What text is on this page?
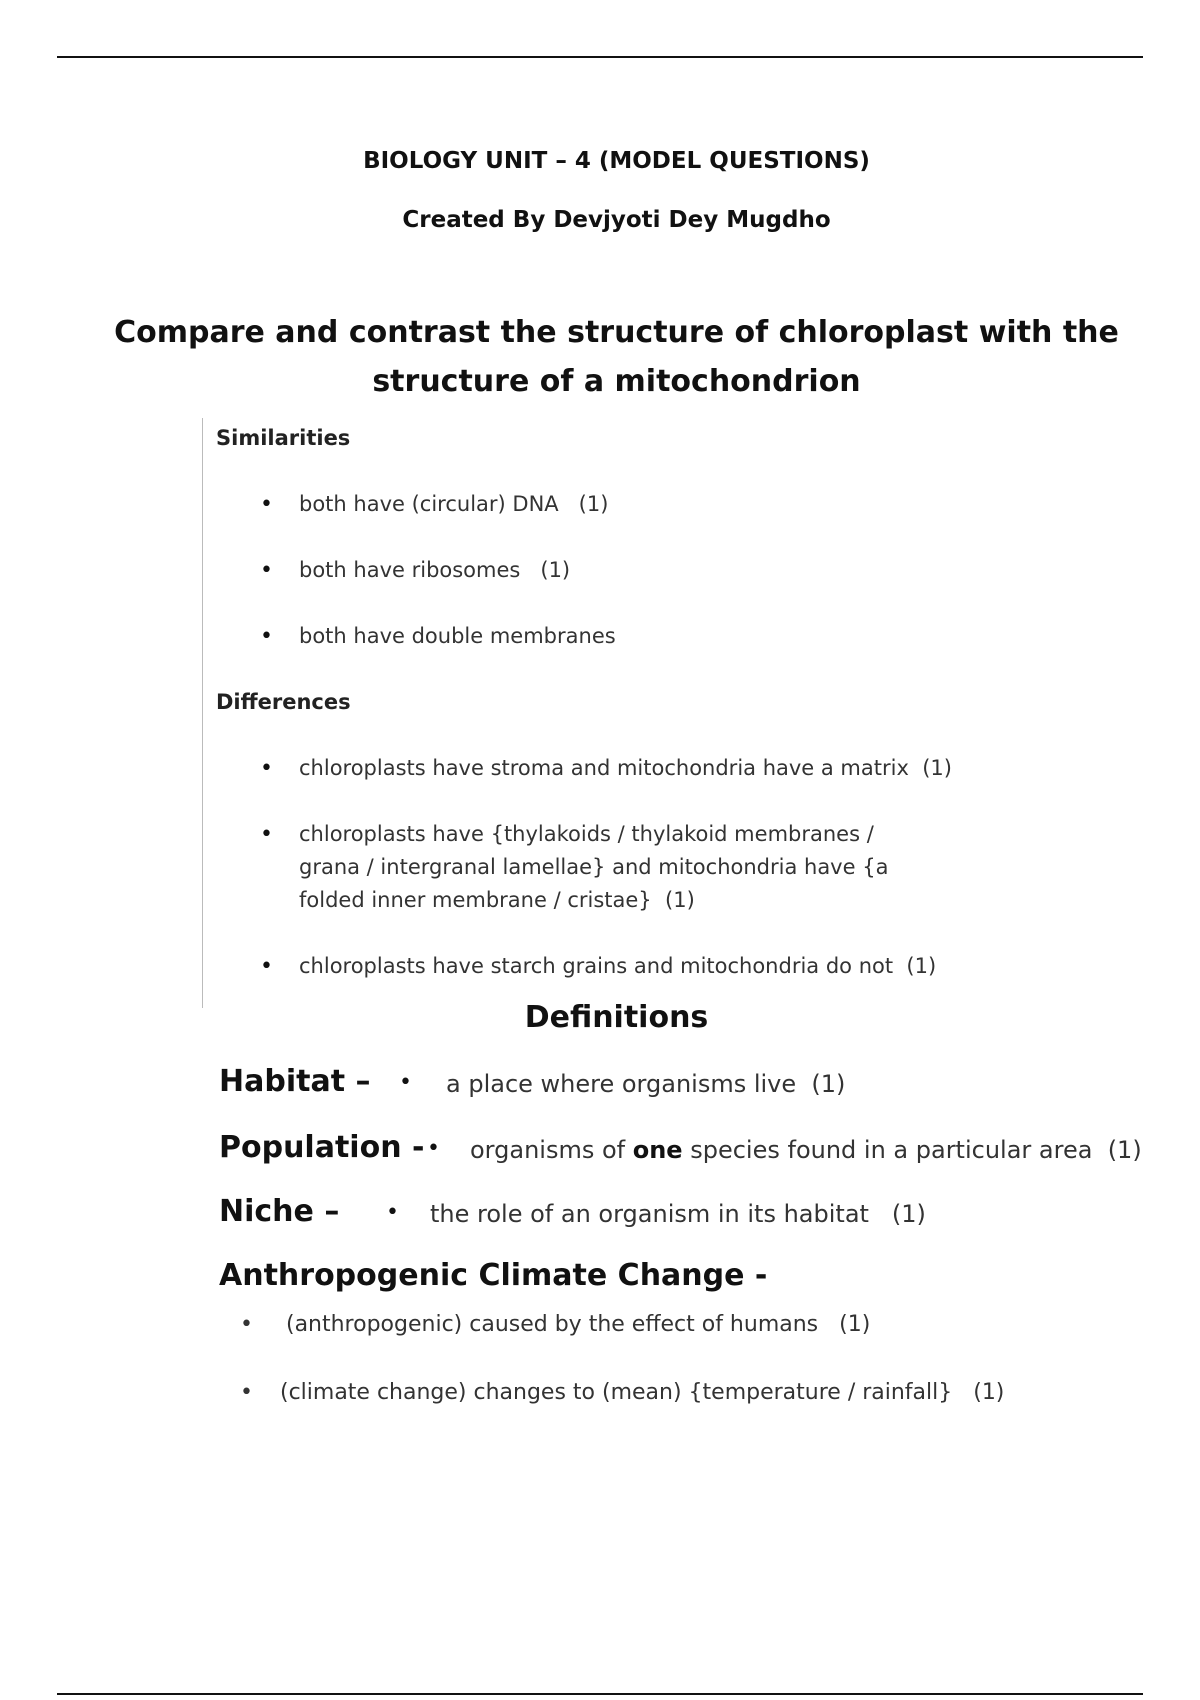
BIOLOGY UNIT – 4 (MODEL QUESTIONS)
Created By Devjyoti Dey Mugdho
Compare and contrast the structure of chloroplast with the
structure of a mitochondrion
Similarities
• both have (circular) DNA   (1)
• both have ribosomes   (1)
• both have double membranes
Differences
• chloroplasts have stroma and mitochondria have a matrix  (1)
• chloroplasts have {thylakoids / thylakoid membranes / grana / intergranal lamellae} and mitochondria have {a folded inner membrane / cristae}  (1)
• chloroplasts have starch grains and mitochondria do not  (1)
Definitions
Habitat – • a place where organisms live  (1)
Population - • organisms of one species found in a particular area  (1)
Niche – • the role of an organism in its habitat   (1)
Anthropogenic Climate Change -
• (anthropogenic) caused by the effect of humans   (1)
• (climate change) changes to (mean) {temperature / rainfall}   (1)
